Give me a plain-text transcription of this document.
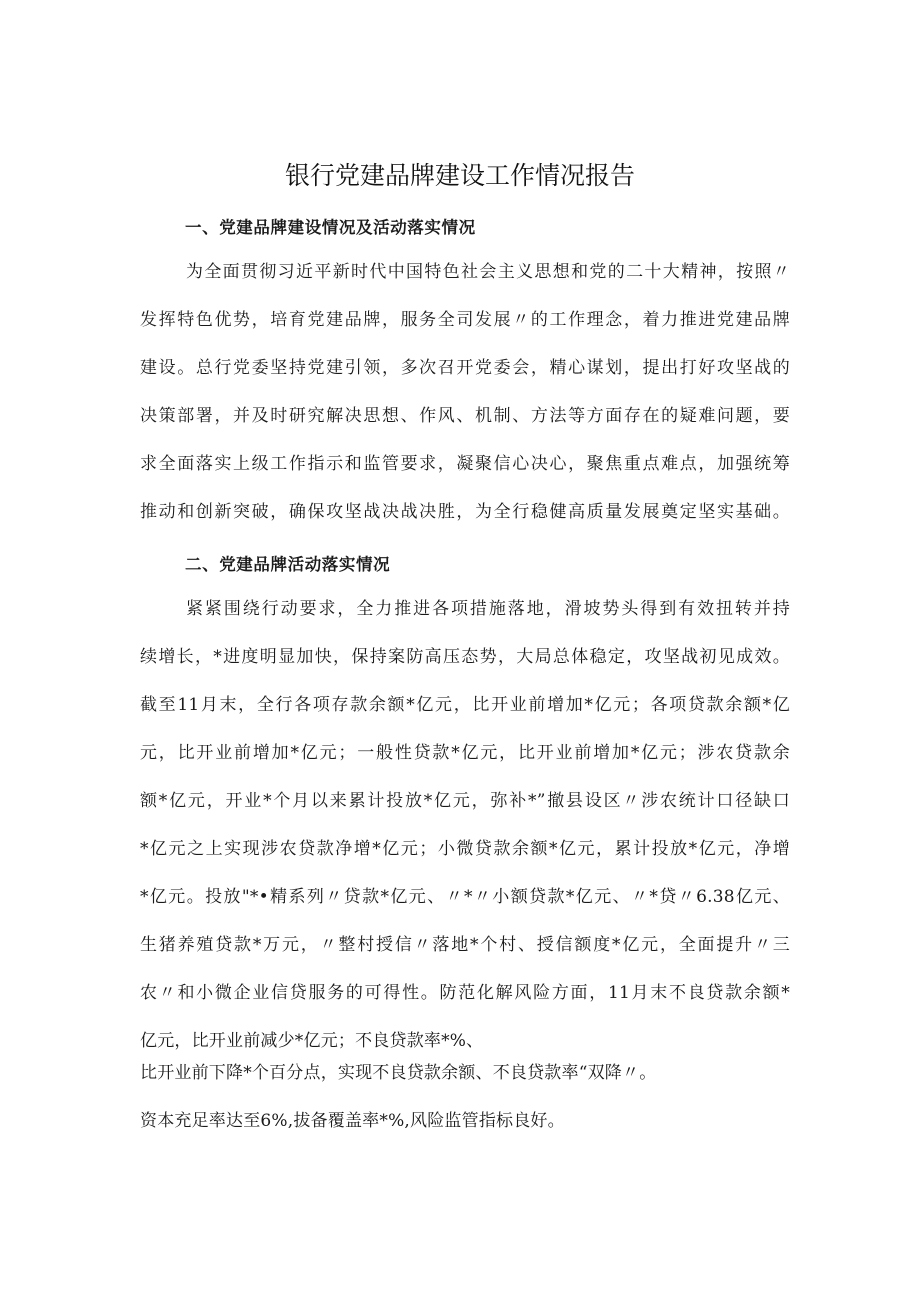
银行党建品牌建设工作情况报告
一、党建品牌建设情况及活动落实情况
为全面贯彻习近平新时代中国特色社会主义思想和党的二十大精神，按照〃
发挥特色优势，培育党建品牌，服务全司发展〃的工作理念，着力推进党建品牌
建设。总行党委坚持党建引领，多次召开党委会，精心谋划，提出打好攻坚战的
决策部署，并及时研究解决思想、作风、机制、方法等方面存在的疑难问题，要
求全面落实上级工作指示和监管要求，凝聚信心决心，聚焦重点难点，加强统筹
推动和创新突破，确保攻坚战决战决胜，为全行稳健高质量发展奠定坚实基础。
二、党建品牌活动落实情况
紧紧围绕行动要求，全力推进各项措施落地，滑坡势头得到有效扭转并持
续增长，*进度明显加快，保持案防高压态势，大局总体稳定，攻坚战初见成效。
截至11月末，全行各项存款余额*亿元，比开业前增加*亿元；各项贷款余额*亿
元，比开业前增加*亿元；一般性贷款*亿元，比开业前增加*亿元；涉农贷款余
额*亿元，开业*个月以来累计投放*亿元，弥补*”撤县设区〃涉农统计口径缺口
*亿元之上实现涉农贷款净增*亿元；小微贷款余额*亿元，累计投放*亿元，净增
*亿元。投放"*•精系列〃贷款*亿元、〃*〃小额贷款*亿元、〃*贷〃6.38亿元、
生猪养殖贷款*万元，〃整村授信〃落地*个村、授信额度*亿元，全面提升〃三
农〃和小微企业信贷服务的可得性。防范化解风险方面，11月末不良贷款余额*
亿元，比开业前减少*亿元；不良贷款率*%、
比开业前下降*个百分点，实现不良贷款余额、不良贷款率“双降〃。
资本充足率达至6%,拔备覆盖率*%,风险监管指标良好。
